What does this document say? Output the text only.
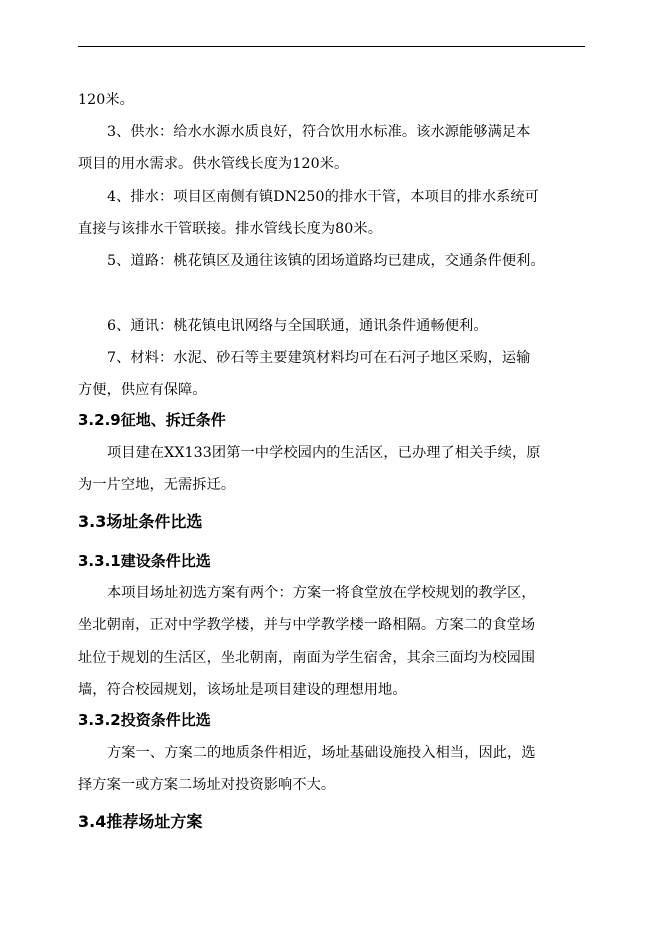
120米。
3、供水：给水水源水质良好，符合饮用水标准。该水源能够满足本
项目的用水需求。供水管线长度为120米。
4、排水：项目区南侧有镇DN250的排水干管，本项目的排水系统可
直接与该排水干管联接。排水管线长度为80米。
5、道路：桃花镇区及通往该镇的团场道路均已建成，交通条件便利。
6、通讯：桃花镇电讯网络与全国联通，通讯条件通畅便利。
7、材料：水泥、砂石等主要建筑材料均可在石河子地区采购，运输
方便，供应有保障。
3.2.9征地、拆迁条件
项目建在XX133团第一中学校园内的生活区，已办理了相关手续，原
为一片空地，无需拆迁。
3.3场址条件比选
3.3.1建设条件比选
本项目场址初选方案有两个：方案一将食堂放在学校规划的教学区，
坐北朝南，正对中学教学楼，并与中学教学楼一路相隔。方案二的食堂场
址位于规划的生活区，坐北朝南，南面为学生宿舍，其余三面均为校园围
墙，符合校园规划，该场址是项目建设的理想用地。
3.3.2投资条件比选
方案一、方案二的地质条件相近，场址基础设施投入相当，因此，选
择方案一或方案二场址对投资影响不大。
3.4推荐场址方案
